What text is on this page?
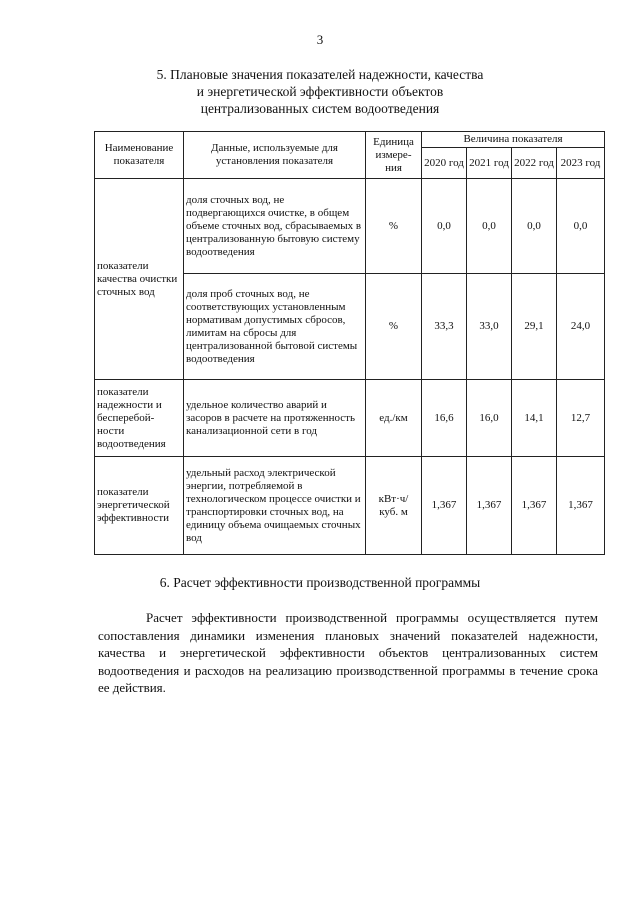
3
5. Плановые значения показателей надежности, качества
и энергетической эффективности объектов
централизованных систем водоотведения
Наименование показателя	Данные, используемые для установления показателя	Единица измере-ния	Величина показателя			
			2020 год	2021 год	2022 год	2023 год
показатели качества очистки сточных вод	доля сточных вод, не подвергающихся очистке, в общем объеме сточных вод, сбрасываемых в централизованную бытовую систему водоотведения	%	0,0	0,0	0,0	0,0
	доля проб сточных вод, не соответствующих установленным нормативам допустимых сбросов, лимитам на сбросы для централизованной бытовой системы водоотведения	%	33,3	33,0	29,1	24,0
показатели надежности и бесперебой-ности водоотведения	удельное количество аварий и засоров в расчете на протяженность канализационной сети в год	ед./км	16,6	16,0	14,1	12,7
показатели энергетической эффективности	удельный расход электрической энергии, потребляемой в технологическом процессе очистки и транспортировки сточных вод, на единицу объема очищаемых сточных вод	кВт·ч/ куб. м	1,367	1,367	1,367	1,367
6. Расчет эффективности производственной программы
Расчет эффективности производственной программы осуществляется путем сопоставления динамики изменения плановых значений показателей надежности, качества и энергетической эффективности объектов централизованных систем водоотведения и расходов на реализацию производственной программы в течение срока ее действия.
